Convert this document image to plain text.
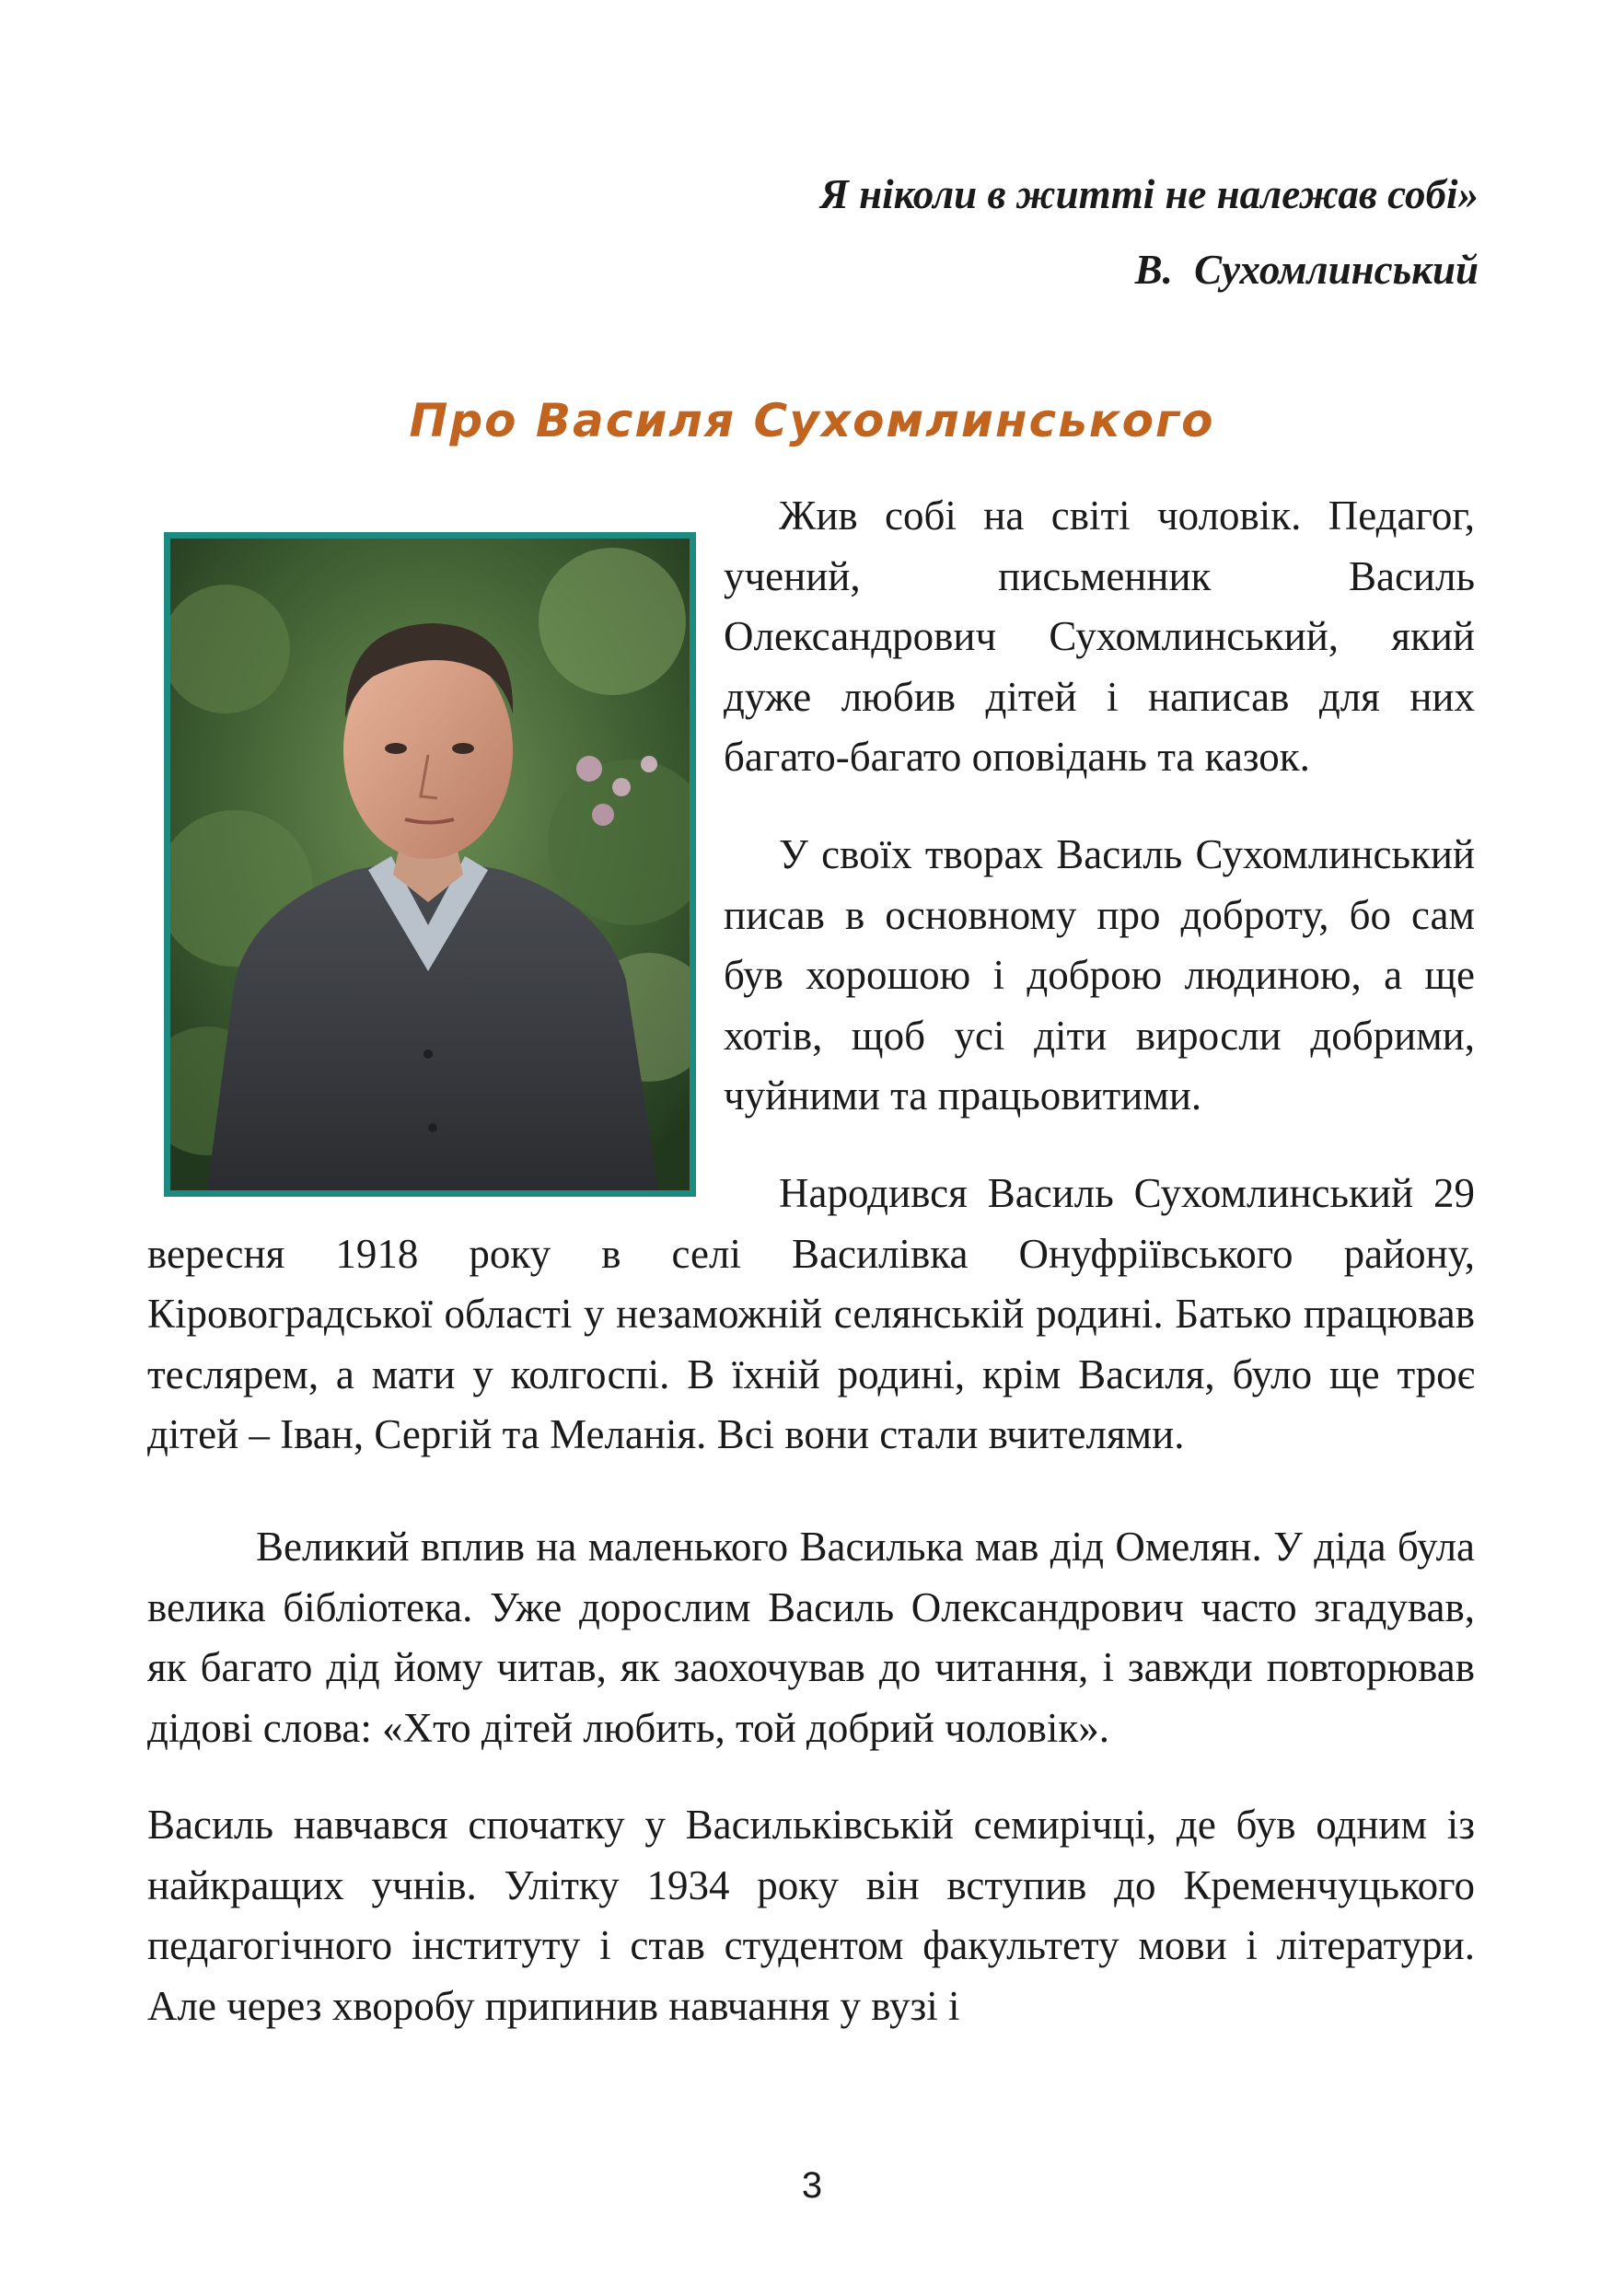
Я ніколи в житті не належав собі»
В. Сухомлинський
Про Василя Сухомлинського

Жив собі на світі чоловік. Педагог, учений, письменник Василь Олександрович Сухомлинський, який дуже любив дітей і написав для них багато-багато оповідань та казок.

У своїх творах Василь Сухомлинський писав в основному про доброту, бо сам був хорошою і доброю людиною, а ще хотів, щоб усі діти виросли добрими, чуйними та працьовитими.

Народився Василь Сухомлинський 29 вересня 1918 року в селі Василівка Онуфріївського району, Кіровоградської області у незаможній селянській родині. Батько працював теслярем, а мати у колгоспі. В їхній родині, крім Василя, було ще троє дітей – Іван, Сергій та Меланія. Всі вони стали вчителями.

Великий вплив на маленького Василька мав дід Омелян. У діда була велика бібліотека. Уже дорослим Василь Олександрович часто згадував, як багато дід йому читав, як заохочував до читання, і завжди повторював дідові слова: «Хто дітей любить, той добрий чоловік».

Василь навчався спочатку у Васильківській семирічці, де був одним із найкращих учнів. Улітку 1934 року він вступив до Кременчуцького педагогічного інституту і став студентом факультету мови і літератури. Але через хворобу припинив навчання у вузі і

3
